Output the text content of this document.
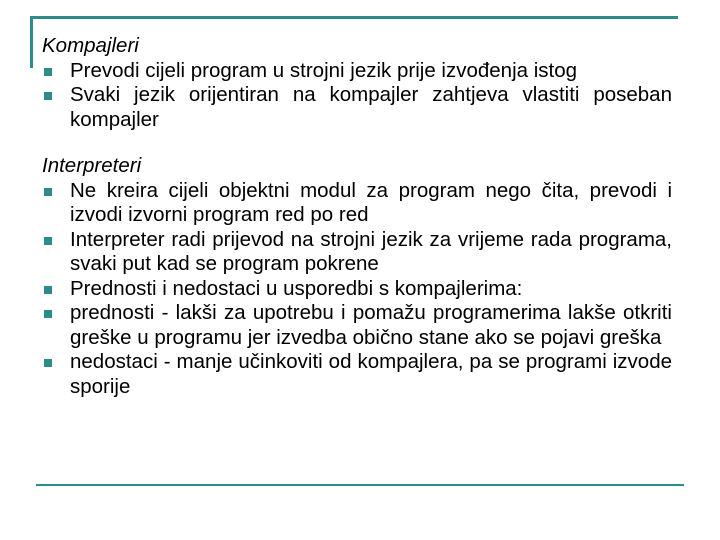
Kompajleri

Prevodi cijeli program u strojni jezik prije izvođenja istog
Svaki jezik orijentiran na kompajler zahtjeva vlastiti poseban kompajler

Interpreteri

Ne kreira cijeli objektni modul za program nego čita, prevodi i izvodi izvorni program red po red
Interpreter radi prijevod na strojni jezik za vrijeme rada programa, svaki put kad se program pokrene
Prednosti i nedostaci u usporedbi s kompajlerima:
prednosti - lakši za upotrebu i pomažu programerima lakše otkriti greške u programu jer izvedba obično stane ako se pojavi greška
nedostaci - manje učinkoviti od kompajlera, pa se programi izvode sporije
